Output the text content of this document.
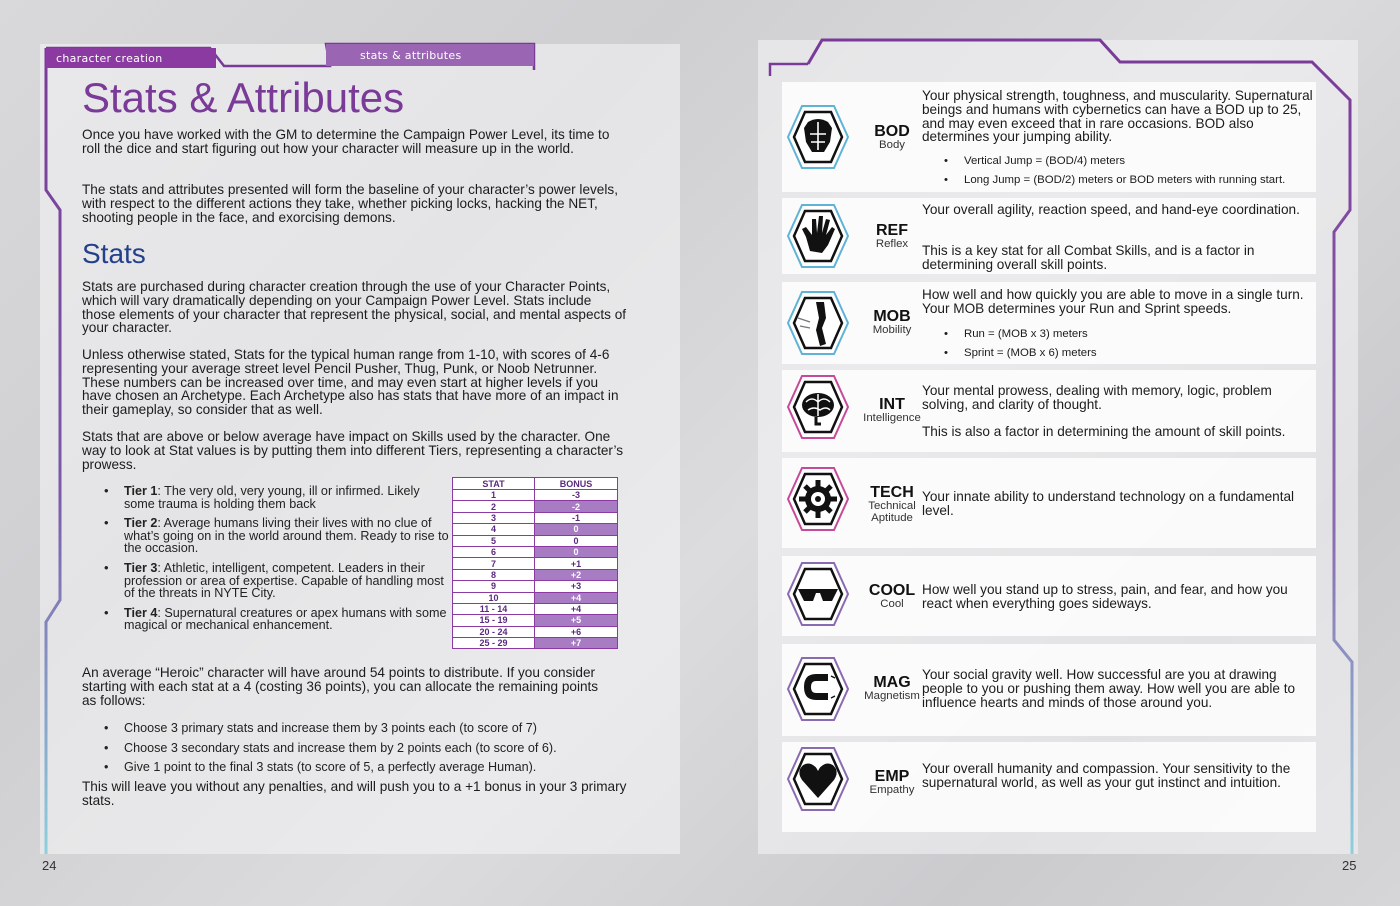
character creation	stats & attributes
Stats & Attributes

Once you have worked with the GM to determine the Campaign Power Level, its time to roll the dice and start figuring out how your character will measure up in the world.

The stats and attributes presented will form the baseline of your character’s power levels, with respect to the different actions they take, whether picking locks, hacking the NET, shooting people in the face, and exorcising demons.

Stats

Stats are purchased during character creation through the use of your Character Points, which will vary dramatically depending on your Campaign Power Level. Stats include those elements of your character that represent the physical, social, and mental aspects of your character.

Unless otherwise stated, Stats for the typical human range from 1-10, with scores of 4-6 representing your average street level Pencil Pusher, Thug, Punk, or Noob Netrunner. These numbers can be increased over time, and may even start at higher levels if you have chosen an Archetype. Each Archetype also has stats that have more of an impact in their gameplay, so consider that as well.

Stats that are above or below average have impact on Skills used by the character. One way to look at Stat values is by putting them into different Tiers, representing a character’s prowess.

• Tier 1: The very old, very young, ill or infirmed. Likely some trauma is holding them back
• Tier 2: Average humans living their lives with no clue of what’s going on in the world around them. Ready to rise to the occasion.
• Tier 3: Athletic, intelligent, competent. Leaders in their profession or area of expertise. Capable of handling most of the threats in NYTE City.
• Tier 4: Supernatural creatures or apex humans with some magical or mechanical enhancement.
STAT	BONUS
1	-3
2	-2
3	-1
4	0
5	0
6	0
7	+1
8	+2
9	+3
10	+4
11 - 14	+4
15 - 19	+5
20 - 24	+6
25 - 29	+7

An average “Heroic” character will have around 54 points to distribute. If you consider starting with each stat at a 4 (costing 36 points), you can allocate the remaining points as follows:

• Choose 3 primary stats and increase them by 3 points each (to score of 7)
• Choose 3 secondary stats and increase them by 2 points each (to score of 6).
• Give 1 point to the final 3 stats (to score of 5, a perfectly average Human).

This will leave you without any penalties, and will push you to a +1 bonus in your 3 primary stats.

24	25
BOD
Body

Your physical strength, toughness, and muscularity. Supernatural beings and humans with cybernetics can have a BOD up to 25, and may even exceed that in rare occasions. BOD also determines your jumping ability.

• Vertical Jump = (BOD/4) meters
• Long Jump = (BOD/2) meters or BOD meters with running start.
REF
Reflex

Your overall agility, reaction speed, and hand-eye coordination.

This is a key stat for all Combat Skills, and is a factor in determining overall skill points.

MOB
Mobility

How well and how quickly you are able to move in a single turn. Your MOB determines your Run and Sprint speeds.

• Run = (MOB x 3) meters
• Sprint = (MOB x 6) meters
INT
Intelligence

Your mental prowess, dealing with memory, logic, problem solving, and clarity of thought.

This is also a factor in determining the amount of skill points.

TECH
Technical Aptitude

Your innate ability to understand technology on a fundamental level.

COOL
Cool

How well you stand up to stress, pain, and fear, and how you react when everything goes sideways.

MAG
Magnetism

Your social gravity well. How successful are you at drawing people to you or pushing them away. How well you are able to influence hearts and minds of those around you.

EMP
Empathy

Your overall humanity and compassion. Your sensitivity to the supernatural world, as well as your gut instinct and intuition.
